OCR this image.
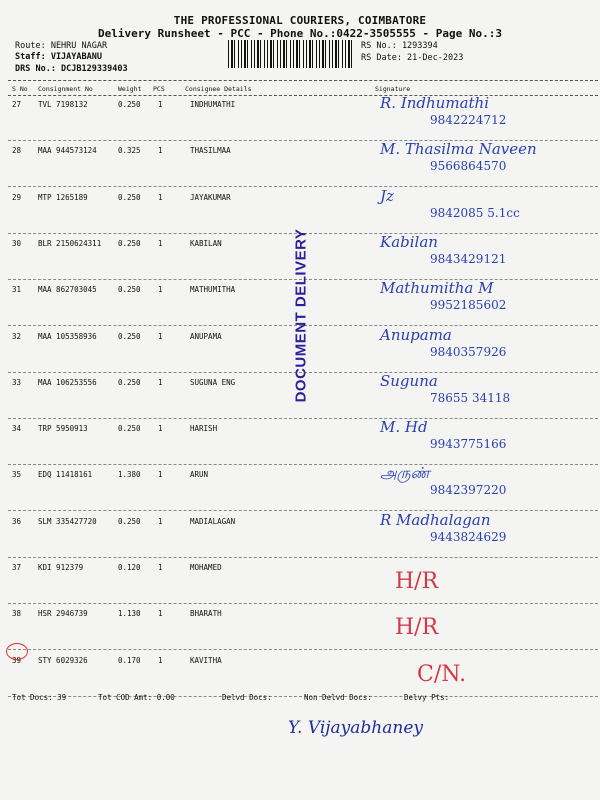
THE PROFESSIONAL COURIERS, COIMBATORE
Delivery Runsheet - PCC - Phone No.:0422-3505555 - Page No.:3
Route: NEHRU NAGAR
Staff: VIJAYABANU
DRS No.: DCJB129339403
RS No.: 1293394
RS Date: 21-Dec-2023
S No Consignment No	Weight PCS	Consignee Details	Signature
27 TVL 7198132	0.250 1	INDHUMATHI	R. Indhumathi
9842224712
28 MAA 944573124	0.325 1	THASILMAA	M. Thasilma Naveen
9566864570
29 MTP 1265189	0.250 1	JAYAKUMAR	Jz
9842085 5.1cc
30 BLR 2150624311 0.250 1	KABILAN	Kabilan
9843429121
31 MAA 862703045	0.250 1	MATHUMITHA	Mathumitha M
9952185602
32 MAA 105358936	0.250 1	ANUPAMA	Anupama
9840357926
33 MAA 106253556	0.250 1	SUGUNA ENG	Suguna
78655 34118
34 TRP 5950913	0.250 1	HARISH	M. Hd
9943775166
35 EDQ 11418161	1.380 1	ARUN	அருண்
9842397220
36 SLM 335427720	0.250 1	MADIALAGAN	R Madhalagan
9443824629
37 KDI 912379	0.120 1	MOHAMED
H/R
38 HSR 2946739	1.130 1	BHARATH
H/R
39 STY 6029326	0.170 1	KAVITHA
C/N.
DOCUMENT DELIVERY
Tot Docs: 39	Tot COD Amt: 0.00	Delvd Docs:	Non Delvd Docs:	Delvy Pts:
Y. Vijayabhaney
